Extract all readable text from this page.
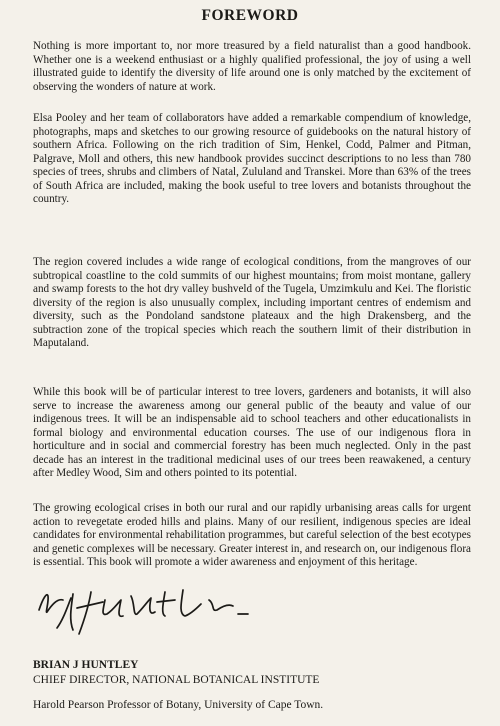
FOREWORD

Nothing is more important to, nor more treasured by a field naturalist than a good handbook. Whether one is a weekend enthusiast or a highly qualified professional, the joy of using a well illustrated guide to identify the diversity of life around one is only matched by the excitement of observing the wonders of nature at work.

Elsa Pooley and her team of collaborators have added a remarkable compendium of knowledge, photographs, maps and sketches to our growing resource of guidebooks on the natural history of southern Africa. Following on the rich tradition of Sim, Henkel, Codd, Palmer and Pitman, Palgrave, Moll and others, this new handbook provides succinct descriptions to no less than 780 species of trees, shrubs and climbers of Natal, Zululand and Transkei. More than 63% of the trees of South Africa are included, making the book useful to tree lovers and botanists throughout the country.

The region covered includes a wide range of ecological conditions, from the mangroves of our subtropical coastline to the cold summits of our highest mountains; from moist montane, gallery and swamp forests to the hot dry valley bushveld of the Tugela, Umzimkulu and Kei. The floristic diversity of the region is also unusually complex, including important centres of endemism and diversity, such as the Pondoland sandstone plateaux and the high Drakensberg, and the subtraction zone of the tropical species which reach the southern limit of their distribution in Maputaland.

While this book will be of particular interest to tree lovers, gardeners and botanists, it will also serve to increase the awareness among our general public of the beauty and value of our indigenous trees. It will be an indispensable aid to school teachers and other educationalists in formal biology and environmental education courses. The use of our indigenous flora in horticulture and in social and commercial forestry has been much neglected. Only in the past decade has an interest in the traditional medicinal uses of our trees been reawakened, a century after Medley Wood, Sim and others pointed to its potential.

The growing ecological crises in both our rural and our rapidly urbanising areas calls for urgent action to revegetate eroded hills and plains. Many of our resilient, indigenous species are ideal candidates for environmental rehabilitation programmes, but careful selection of the best ecotypes and genetic complexes will be necessary. Greater interest in, and research on, our indigenous flora is essential. This book will promote a wider awareness and enjoyment of this heritage.

BRIAN J HUNTLEY
CHIEF DIRECTOR, NATIONAL BOTANICAL INSTITUTE
Harold Pearson Professor of Botany, University of Cape Town.
